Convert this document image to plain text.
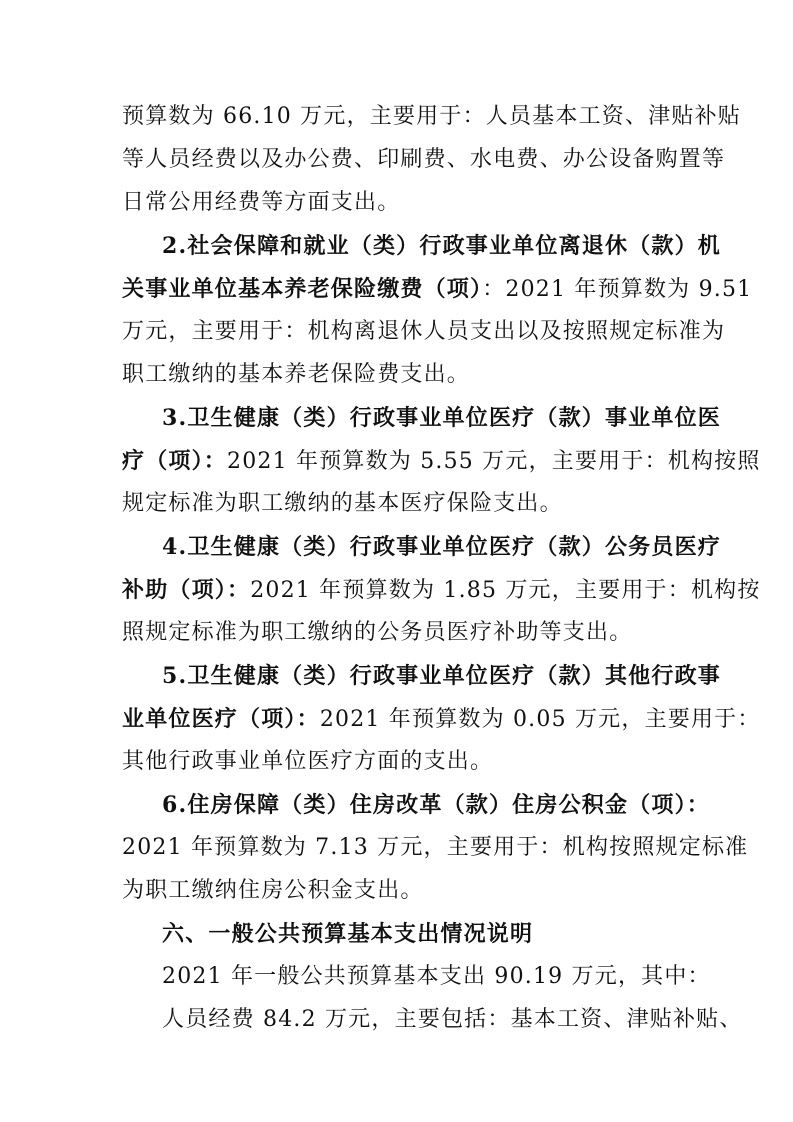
预算数为 66.10 万元，主要用于：人员基本工资、津贴补贴
等人员经费以及办公费、印刷费、水电费、办公设备购置等
日常公用经费等方面支出。
2.社会保障和就业（类）行政事业单位离退休（款）机
关事业单位基本养老保险缴费（项）：2021 年预算数为 9.51
万元，主要用于：机构离退休人员支出以及按照规定标准为
职工缴纳的基本养老保险费支出。
3.卫生健康（类）行政事业单位医疗（款）事业单位医
疗（项）：2021 年预算数为 5.55 万元，主要用于：机构按照
规定标准为职工缴纳的基本医疗保险支出。
4.卫生健康（类）行政事业单位医疗（款）公务员医疗
补助（项）：2021 年预算数为 1.85 万元，主要用于：机构按
照规定标准为职工缴纳的公务员医疗补助等支出。
5.卫生健康（类）行政事业单位医疗（款）其他行政事
业单位医疗（项）：2021 年预算数为 0.05 万元，主要用于：
其他行政事业单位医疗方面的支出。
6.住房保障（类）住房改革（款）住房公积金（项）：
2021 年预算数为 7.13 万元，主要用于：机构按照规定标准
为职工缴纳住房公积金支出。
六、一般公共预算基本支出情况说明
2021 年一般公共预算基本支出 90.19 万元，其中：
人员经费 84.2 万元，主要包括：基本工资、津贴补贴、
